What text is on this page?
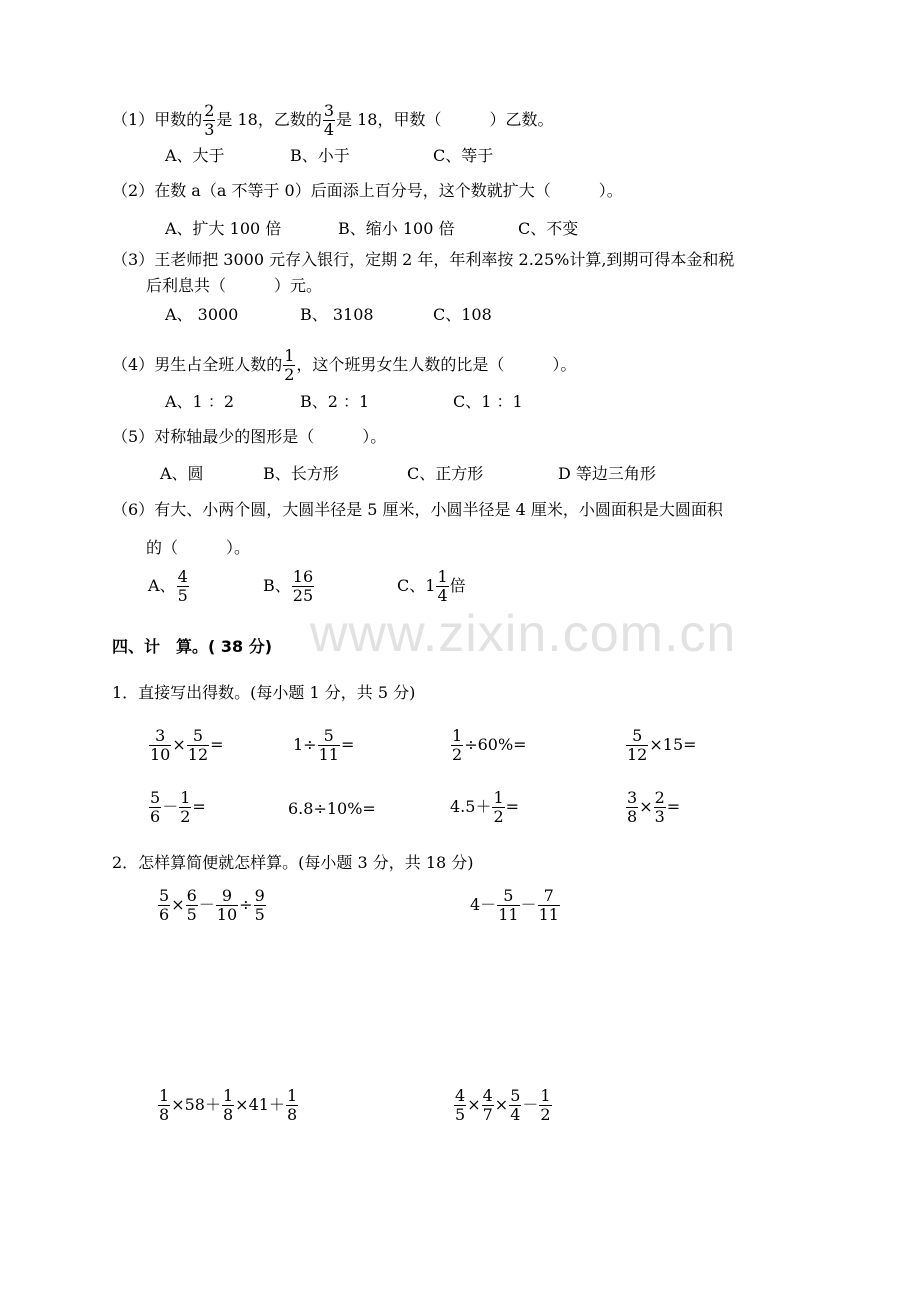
（1）甲数的 $\frac{2}{3}$ 是 18，乙数的 $\frac{3}{4}$ 是 18，甲数（　　　）乙数。
A、大于	B、小于	C、等于
（2）在数 a（a 不等于 0）后面添上百分号，这个数就扩大（　　　）。
A、扩大 100 倍	B、缩小 100 倍	C、不变
（3）王老师把 3000 元存入银行，定期 2 年，年利率按 2.25%计算,到期可得本金和税
后利息共（　　　）元。
A、 3000	B、 3108	C、108
（4）男生占全班人数的 $\frac{1}{2}$ ，这个班男女生人数的比是（　　　）。
A、1 ：2	B、2 ：1	C、1 ：1
（5）对称轴最少的图形是（　　　）。
A、圆	B、长方形	C、正方形	D 等边三角形
（6）有大、小两个圆，大圆半径是 5 厘米，小圆半径是 4 厘米，小圆面积是大圆面积
的（　　　）。
A、 $\frac{4}{5}$	B、 $\frac{16}{25}$	C、$1 \frac{1}{4}$ 倍
www.zixin.com.cn
四、计　算。( 38 分)
1．直接写出得数。(每小题 1 分，共 5 分)
$\frac{3}{10} \times \frac{5}{12}$ =	$1\div \frac{5}{11}$ =	$\frac{1}{2} \div 60\%=$	$\frac{5}{12} \times 15=$
$\frac{5}{6} - \frac{1}{2}$ =	6.8÷10%=	$4.5+ \frac{1}{2}$ =	$\frac{3}{8} \times \frac{2}{3}$ =
2．怎样算简便就怎样算。(每小题 3 分，共 18 分)
$\frac{5}{6} \times \frac{6}{5} - \frac{9}{10} \div \frac{9}{5}$	$4- \frac{5}{11} - \frac{7}{11}$
$\frac{1}{8} \times 58+ \frac{1}{8} \times 41+ \frac{1}{8}$	$\frac{4}{5} \times \frac{4}{7} \times \frac{5}{4} - \frac{1}{2}$
